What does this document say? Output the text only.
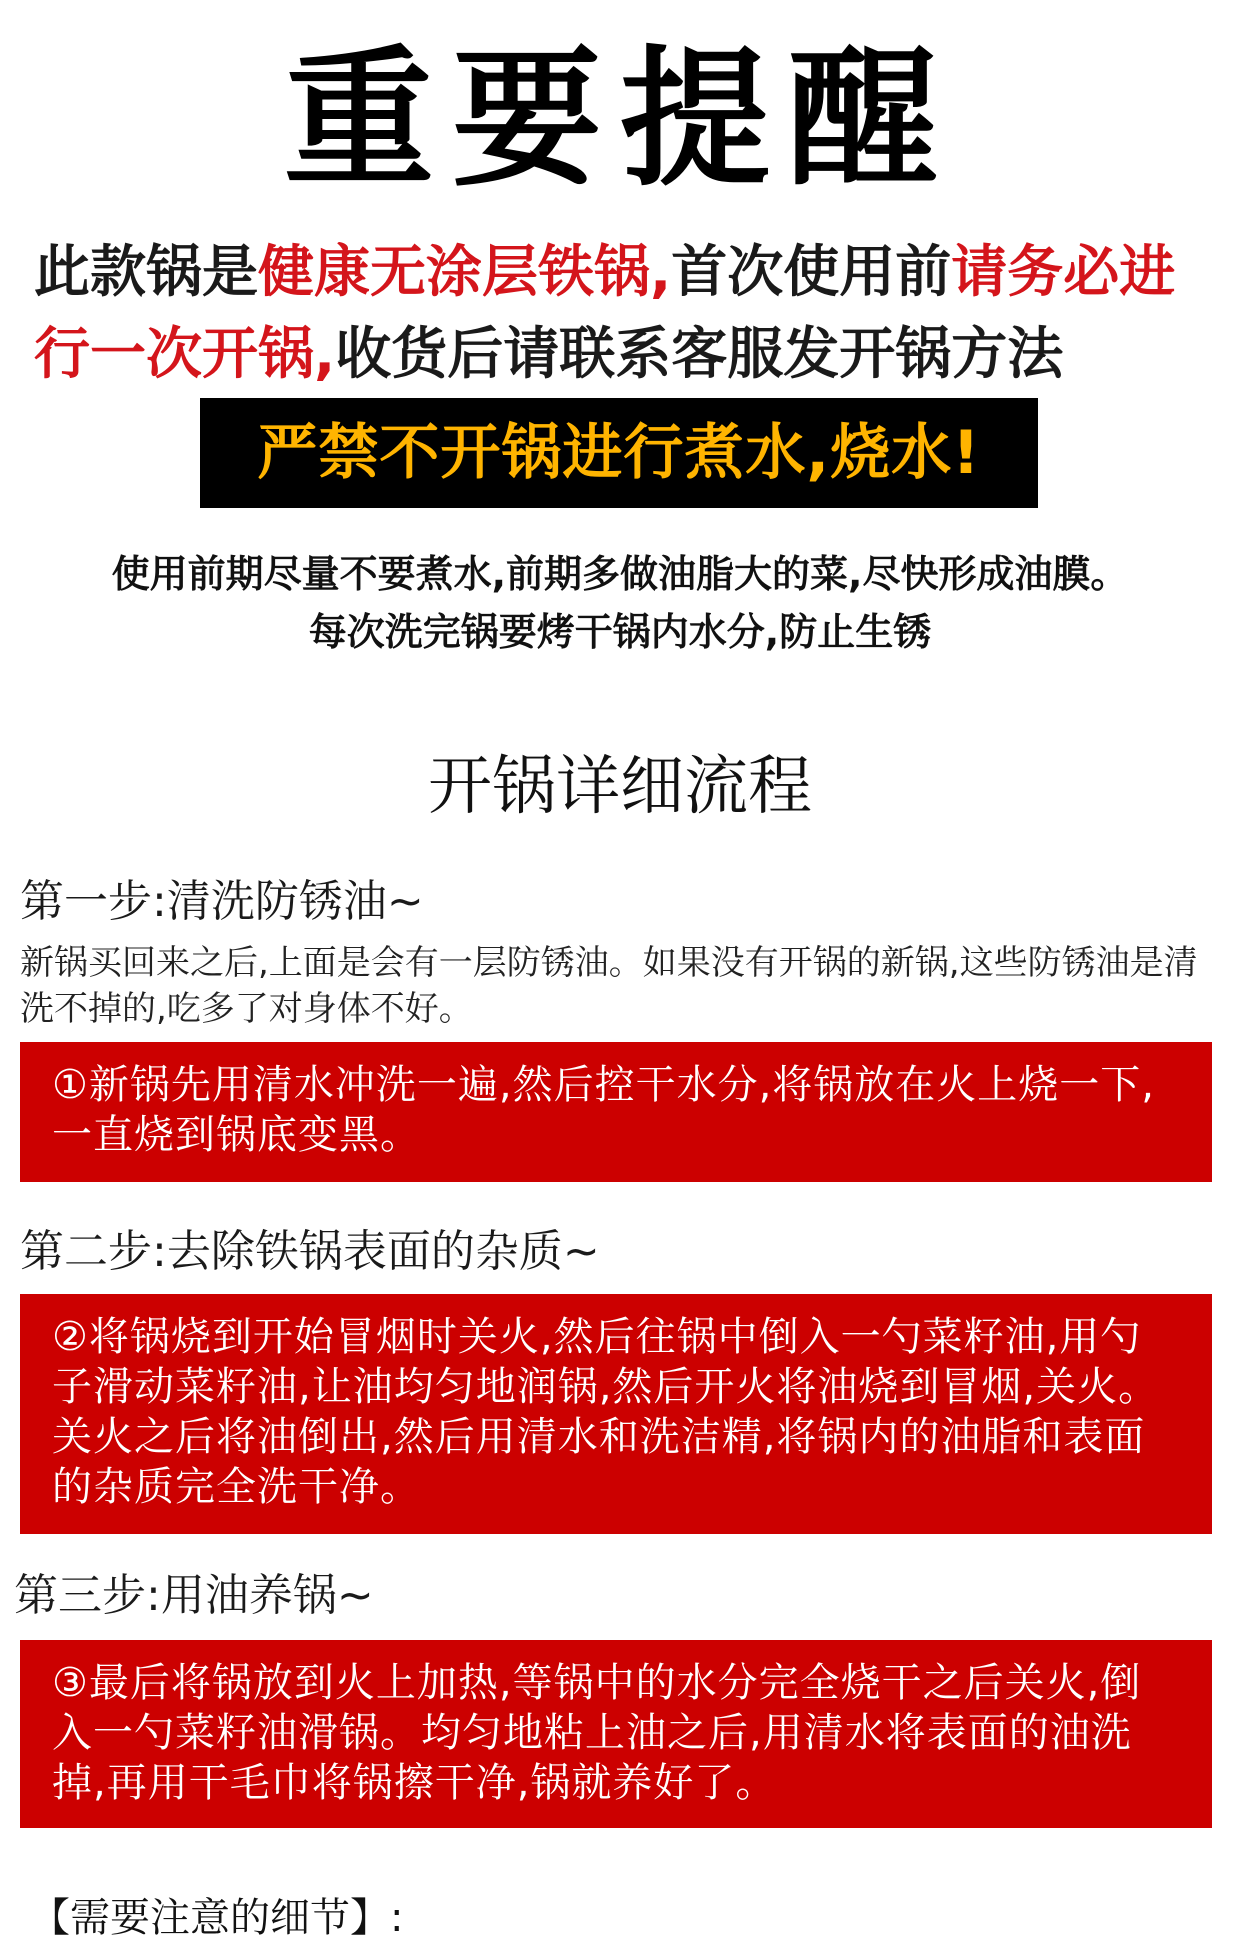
重要提醒
此款锅是健康无涂层铁锅,首次使用前请务必进行一次开锅,收货后请联系客服发开锅方法
严禁不开锅进行煮水,烧水!
使用前期尽量不要煮水,前期多做油脂大的菜,尽快形成油膜。
每次洗完锅要烤干锅内水分,防止生锈
开锅详细流程
第一步:清洗防锈油~
新锅买回来之后,上面是会有一层防锈油。如果没有开锅的新锅,这些防锈油是清洗不掉的,吃多了对身体不好。
①新锅先用清水冲洗一遍,然后控干水分,将锅放在火上烧一下,一直烧到锅底变黑。
第二步:去除铁锅表面的杂质~
②将锅烧到开始冒烟时关火,然后往锅中倒入一勺菜籽油,用勺子滑动菜籽油,让油均匀地润锅,然后开火将油烧到冒烟,关火。关火之后将油倒出,然后用清水和洗洁精,将锅内的油脂和表面的杂质完全洗干净。
第三步:用油养锅~
③最后将锅放到火上加热,等锅中的水分完全烧干之后关火,倒入一勺菜籽油滑锅。均匀地粘上油之后,用清水将表面的油洗掉,再用干毛巾将锅擦干净,锅就养好了。
【需要注意的细节】:
